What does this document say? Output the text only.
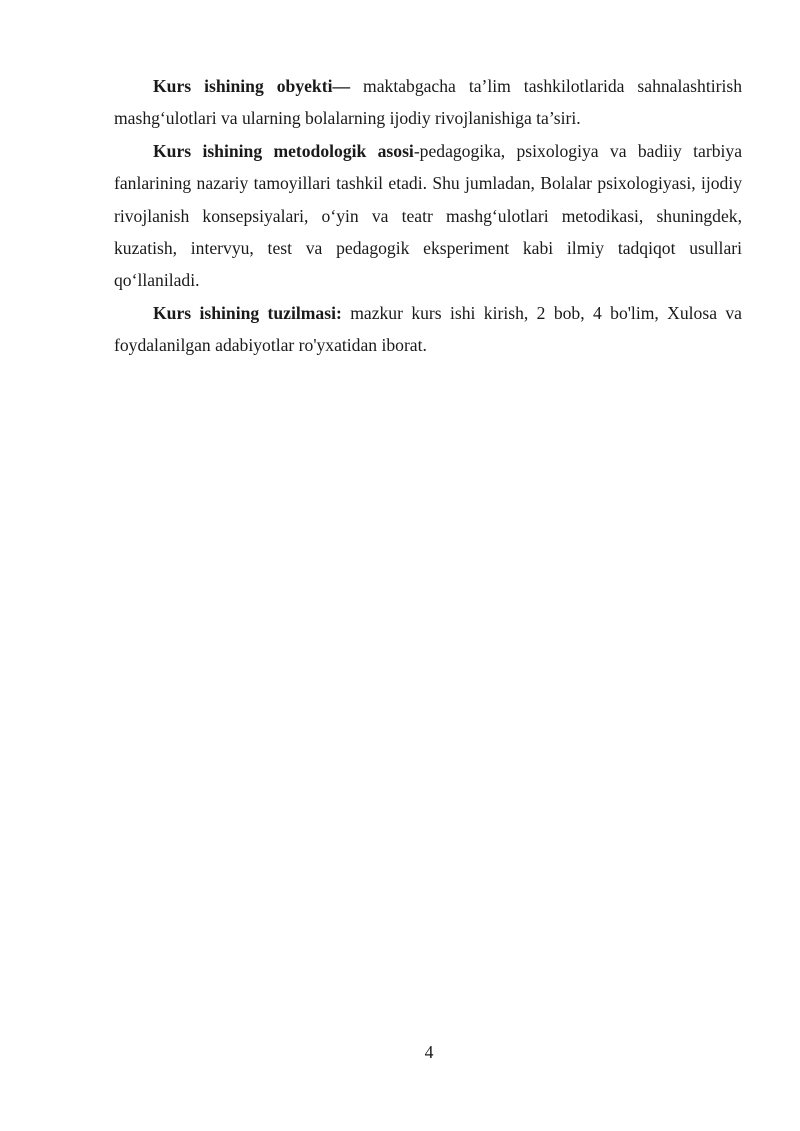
Kurs ishining obyekti— maktabgacha ta’lim tashkilotlarida sahnalashtirish mashg‘ulotlari va ularning bolalarning ijodiy rivojlanishiga ta’siri.

Kurs ishining metodologik asosi-pedagogika, psixologiya va badiiy tarbiya fanlarining nazariy tamoyillari tashkil etadi. Shu jumladan, Bolalar psixologiyasi, ijodiy rivojlanish konsepsiyalari, o‘yin va teatr mashg‘ulotlari metodikasi, shuningdek, kuzatish, intervyu, test va pedagogik eksperiment kabi ilmiy tadqiqot usullari qo‘llaniladi.

Kurs ishining tuzilmasi: mazkur kurs ishi kirish, 2 bob, 4 bo'lim, Xulosa va foydalanilgan adabiyotlar ro'yxatidan iborat.

4
